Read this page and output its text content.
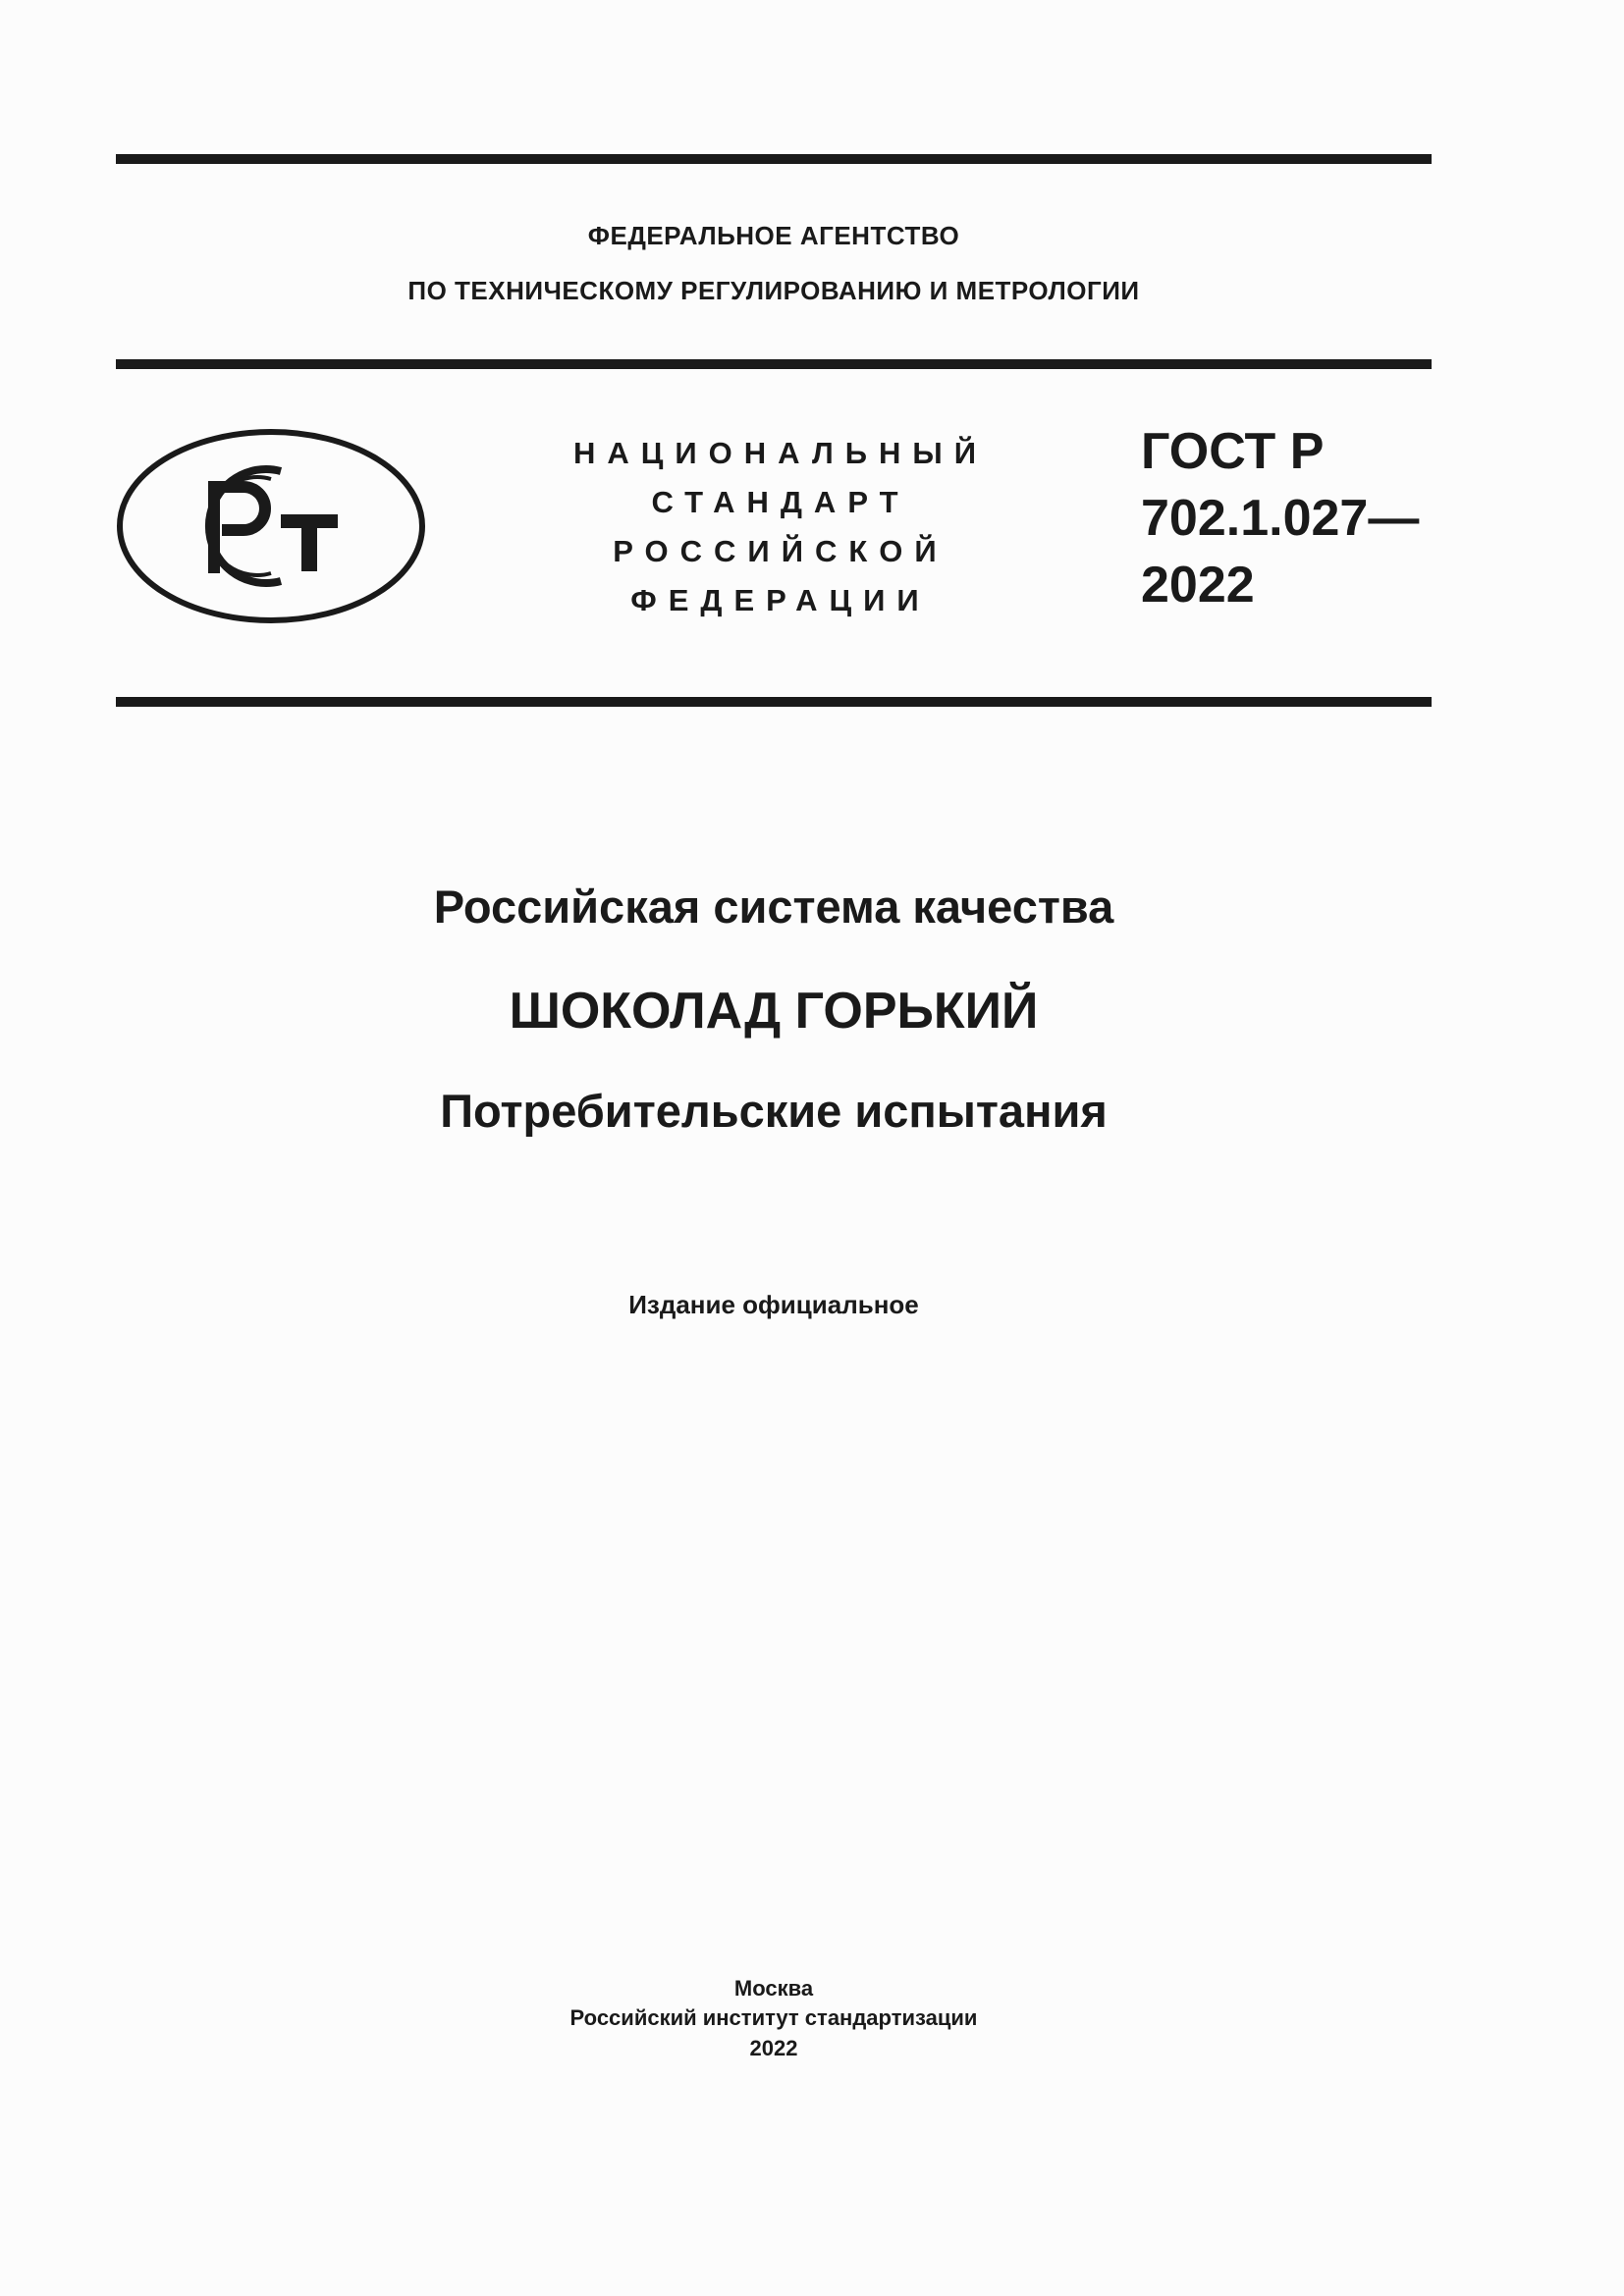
ФЕДЕРАЛЬНОЕ АГЕНТСТВО
ПО ТЕХНИЧЕСКОМУ РЕГУЛИРОВАНИЮ И МЕТРОЛОГИИ
НАЦИОНАЛЬНЫЙ
СТАНДАРТ
РОССИЙСКОЙ
ФЕДЕРАЦИИ
ГОСТ Р
702.1.027—
2022
Российская система качества
ШОКОЛАД ГОРЬКИЙ
Потребительские испытания
Издание официальное
Москва
Российский институт стандартизации
2022
